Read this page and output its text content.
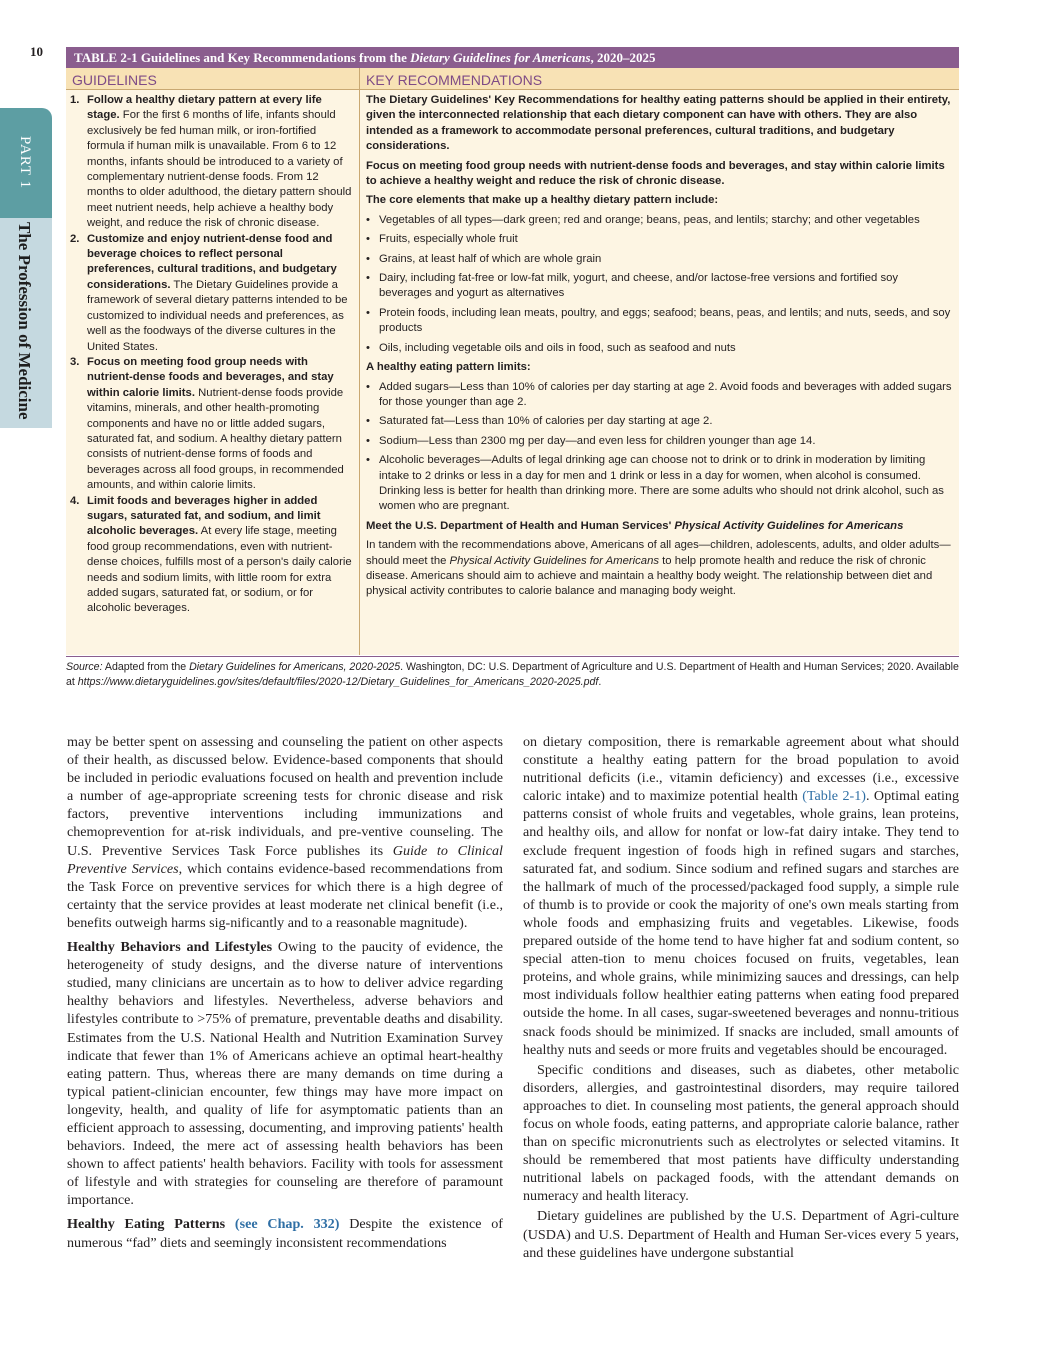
10
PART 1
The Profession of Medicine
TABLE 2-1 Guidelines and Key Recommendations from the Dietary Guidelines for Americans, 2020–2025
GUIDELINES	KEY RECOMMENDATIONS
1. Follow a healthy dietary pattern at every life stage. For the first 6 months of life, infants should exclusively be fed human milk, or iron-fortified formula if human milk is unavailable. From 6 to 12 months, infants should be introduced to a variety of complementary nutrient-dense foods. From 12 months to older adulthood, the dietary pattern should meet nutrient needs, help achieve a healthy body weight, and reduce the risk of chronic disease.
2. Customize and enjoy nutrient-dense food and beverage choices to reflect personal preferences, cultural traditions, and budgetary considerations. The Dietary Guidelines provide a framework of several dietary patterns intended to be customized to individual needs and preferences, as well as the foodways of the diverse cultures in the United States.
3. Focus on meeting food group needs with nutrient-dense foods and beverages, and stay within calorie limits. Nutrient-dense foods provide vitamins, minerals, and other health-promoting components and have no or little added sugars, saturated fat, and sodium. A healthy dietary pattern consists of nutrient-dense forms of foods and beverages across all food groups, in recommended amounts, and within calorie limits.
4. Limit foods and beverages higher in added sugars, saturated fat, and sodium, and limit alcoholic beverages. At every life stage, meeting food group recommendations, even with nutrient-dense choices, fulfills most of a person's daily calorie needs and sodium limits, with little room for extra added sugars, saturated fat, or sodium, or for alcoholic beverages.

The Dietary Guidelines' Key Recommendations for healthy eating patterns should be applied in their entirety, given the interconnected relationship that each dietary component can have with others. They are also intended as a framework to accommodate personal preferences, cultural traditions, and budgetary considerations.

Focus on meeting food group needs with nutrient-dense foods and beverages, and stay within calorie limits to achieve a healthy weight and reduce the risk of chronic disease.

The core elements that make up a healthy dietary pattern include:

• Vegetables of all types—dark green; red and orange; beans, peas, and lentils; starchy; and other vegetables
• Fruits, especially whole fruit
• Grains, at least half of which are whole grain
• Dairy, including fat-free or low-fat milk, yogurt, and cheese, and/or lactose-free versions and fortified soy beverages and yogurt as alternatives
• Protein foods, including lean meats, poultry, and eggs; seafood; beans, peas, and lentils; and nuts, seeds, and soy products
• Oils, including vegetable oils and oils in food, such as seafood and nuts

A healthy eating pattern limits:

• Added sugars—Less than 10% of calories per day starting at age 2. Avoid foods and beverages with added sugars for those younger than age 2.
• Saturated fat—Less than 10% of calories per day starting at age 2.
• Sodium—Less than 2300 mg per day—and even less for children younger than age 14.
• Alcoholic beverages—Adults of legal drinking age can choose not to drink or to drink in moderation by limiting intake to 2 drinks or less in a day for men and 1 drink or less in a day for women, when alcohol is consumed. Drinking less is better for health than drinking more. There are some adults who should not drink alcohol, such as women who are pregnant.

Meet the U.S. Department of Health and Human Services' Physical Activity Guidelines for Americans

In tandem with the recommendations above, Americans of all ages—children, adolescents, adults, and older adults—should meet the Physical Activity Guidelines for Americans to help promote health and reduce the risk of chronic disease. Americans should aim to achieve and maintain a healthy body weight. The relationship between diet and physical activity contributes to calorie balance and managing body weight.

Source: Adapted from the Dietary Guidelines for Americans, 2020-2025. Washington, DC: U.S. Department of Agriculture and U.S. Department of Health and Human Services; 2020. Available at https://www.dietaryguidelines.gov/sites/default/files/2020-12/Dietary_Guidelines_for_Americans_2020-2025.pdf.

may be better spent on assessing and counseling the patient on other aspects of their health, as discussed below. Evidence-based components that should be included in periodic evaluations focused on health and prevention include a number of age-appropriate screening tests for chronic disease and risk factors, preventive interventions including immunizations and chemoprevention for at-risk individuals, and pre-ventive counseling. The U.S. Preventive Services Task Force publishes its Guide to Clinical Preventive Services, which contains evidence-based recommendations from the Task Force on preventive services for which there is a high degree of certainty that the service provides at least moderate net clinical benefit (i.e., benefits outweigh harms sig-nificantly and to a reasonable magnitude).

Healthy Behaviors and Lifestyles Owing to the paucity of evidence, the heterogeneity of study designs, and the diverse nature of interventions studied, many clinicians are uncertain as to how to deliver advice regarding healthy behaviors and lifestyles. Nevertheless, adverse behaviors and lifestyles contribute to >75% of premature, preventable deaths and disability. Estimates from the U.S. National Health and Nutrition Examination Survey indicate that fewer than 1% of Americans achieve an optimal heart-healthy eating pattern. Thus, whereas there are many demands on time during a typical patient-clinician encounter, few things may have more impact on longevity, health, and quality of life for asymptomatic patients than an efficient approach to assessing, documenting, and improving patients' health behaviors. Indeed, the mere act of assessing health behaviors has been shown to affect patients' health behaviors. Facility with tools for assessment of lifestyle and with strategies for counseling are therefore of paramount importance.

Healthy Eating Patterns (see Chap. 332) Despite the existence of numerous “fad” diets and seemingly inconsistent recommendations

on dietary composition, there is remarkable agreement about what should constitute a healthy eating pattern for the broad population to avoid nutritional deficits (i.e., vitamin deficiency) and excesses (i.e., excessive caloric intake) and to maximize potential health (Table 2-1). Optimal eating patterns consist of whole fruits and vegetables, whole grains, lean proteins, and healthy oils, and allow for nonfat or low-fat dairy intake. They tend to exclude frequent ingestion of foods high in refined sugars and starches, saturated fat, and sodium. Since sodium and refined sugars and starches are the hallmark of much of the processed/packaged food supply, a simple rule of thumb is to provide or cook the majority of one's own meals starting from whole foods and emphasizing fruits and vegetables. Likewise, foods prepared outside of the home tend to have higher fat and sodium content, so special atten-tion to menu choices focused on fruits, vegetables, lean proteins, and whole grains, while minimizing sauces and dressings, can help most individuals follow healthier eating patterns when eating food prepared outside the home. In all cases, sugar-sweetened beverages and nonnu-tritious snack foods should be minimized. If snacks are included, small amounts of healthy nuts and seeds or more fruits and vegetables should be encouraged.

Specific conditions and diseases, such as diabetes, other metabolic disorders, allergies, and gastrointestinal disorders, may require tailored approaches to diet. In counseling most patients, the general approach should focus on whole foods, eating patterns, and appropriate calorie balance, rather than on specific micronutrients such as electrolytes or selected vitamins. It should be remembered that most patients have difficulty understanding nutritional labels on packaged foods, with the attendant demands on numeracy and health literacy.

Dietary guidelines are published by the U.S. Department of Agri-culture (USDA) and U.S. Department of Health and Human Ser-vices every 5 years, and these guidelines have undergone substantial
